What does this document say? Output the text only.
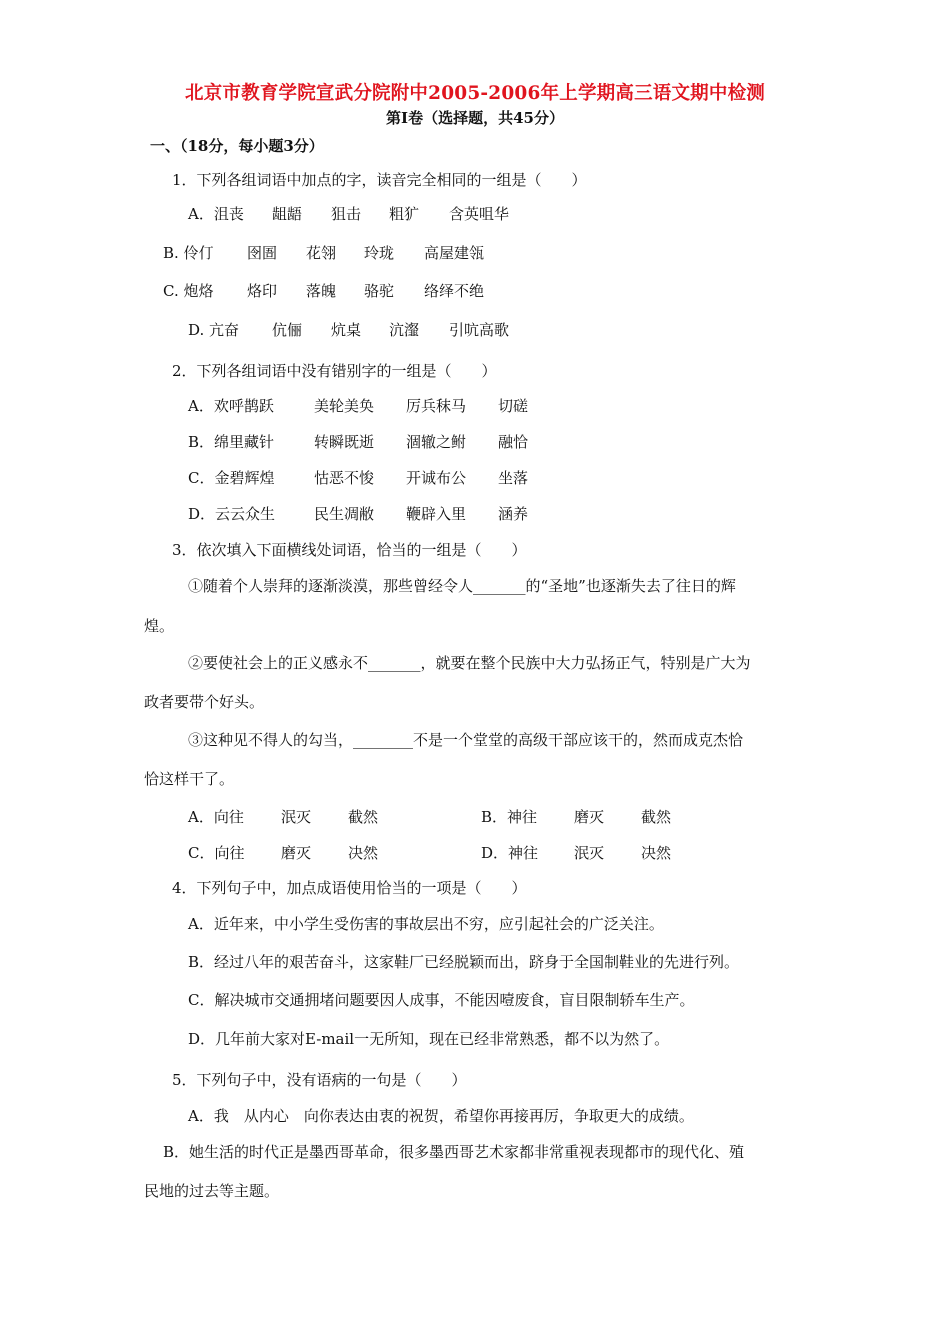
北京市教育学院宣武分院附中2005-2006年上学期高三语文期中检测
第Ⅰ卷（选择题，共45分）
一、（18分，每小题3分）
1．下列各组词语中加点的字，读音完全相同的一组是（　　）
A．沮丧 龃龉 狙击 粗犷 含英咀华
B. 伶仃 囹圄 花翎 玲珑 高屋建瓴
C. 炮烙 烙印 落魄 骆驼 络绎不绝
D. 亢奋 伉俪 炕桌 沆瀣 引吭高歌
2．下列各组词语中没有错别字的一组是（　　）
A．欢呼鹊跃	美轮美奂 厉兵秣马 切磋
B．绵里藏针	转瞬既逝 涸辙之鲋 融恰
C．金碧辉煌	怙恶不悛 开诚布公 坐落
D．云云众生	民生凋敝 鞭辟入里 涵养
3．依次填入下面横线处词语，恰当的一组是（　　）
①随着个人崇拜的逐渐淡漠，那些曾经令人_______的“圣地”也逐渐失去了往日的辉
煌。
②要使社会上的正义感永不_______，就要在整个民族中大力弘扬正气，特别是广大为
政者要带个好头。
③这种见不得人的勾当，________不是一个堂堂的高级干部应该干的，然而成克杰恰
恰这样干了。
A．向往 泯灭 截然	B．神往 磨灭 截然
C．向往 磨灭 决然	D．神往 泯灭 决然
4．下列句子中，加点成语使用恰当的一项是（　　）
A．近年来，中小学生受伤害的事故层出不穷，应引起社会的广泛关注。
B．经过八年的艰苦奋斗，这家鞋厂已经脱颖而出，跻身于全国制鞋业的先进行列。
C．解决城市交通拥堵问题要因人成事，不能因噎废食，盲目限制轿车生产。
D．几年前大家对E-mail一无所知，现在已经非常熟悉，都不以为然了。
5．下列句子中，没有语病的一句是（　　）
A．我　从内心　向你表达由衷的祝贺，希望你再接再厉，争取更大的成绩。
B．她生活的时代正是墨西哥革命，很多墨西哥艺术家都非常重视表现都市的现代化、殖
民地的过去等主题。
